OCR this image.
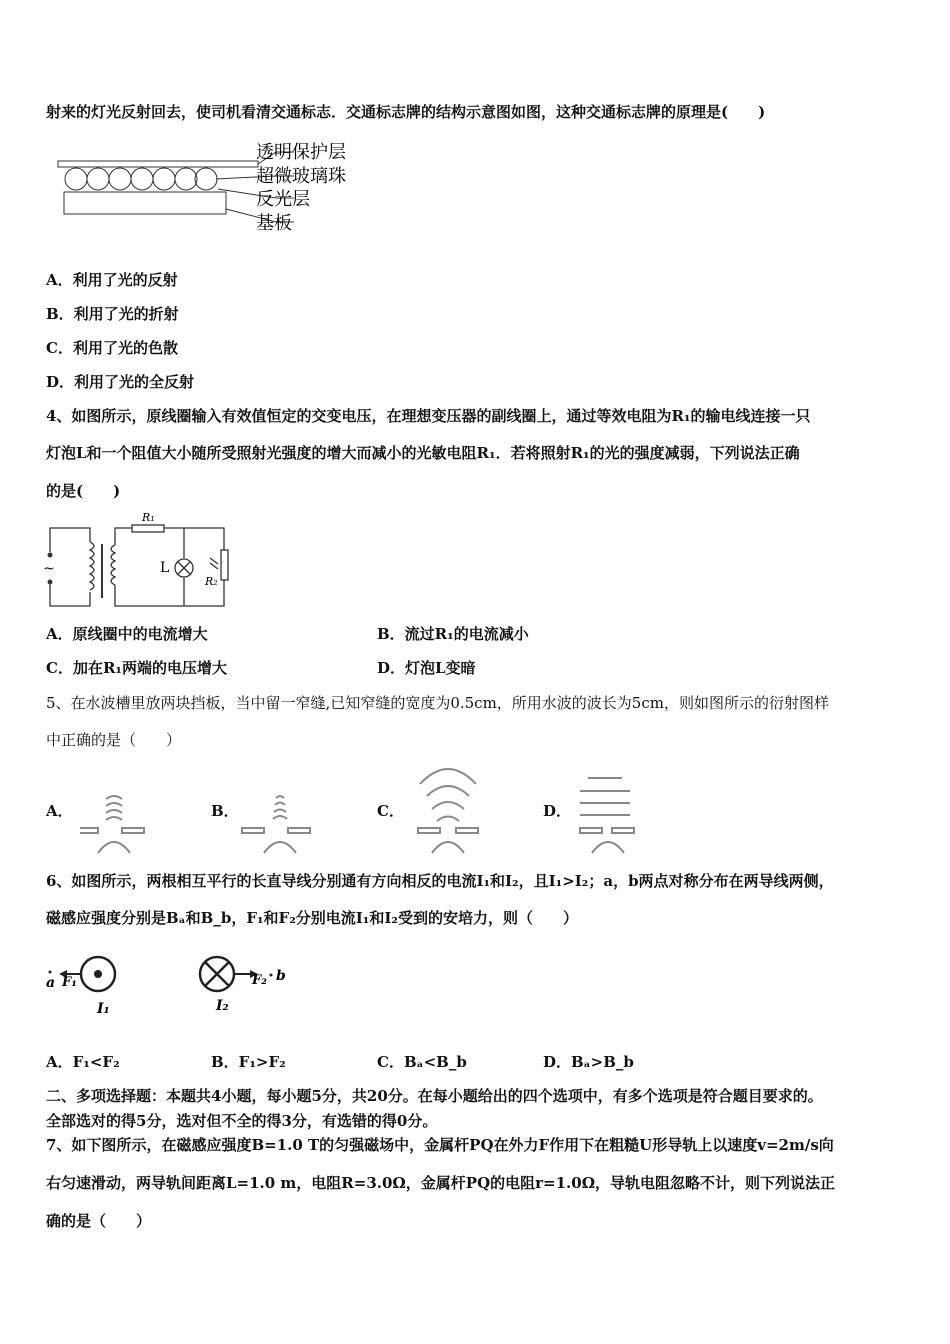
射来的灯光反射回去，使司机看清交通标志．交通标志牌的结构示意图如图，这种交通标志牌的原理是(　　)
透明保护层
超微玻璃珠
反光层
基板
A．利用了光的反射
B．利用了光的折射
C．利用了光的色散
D．利用了光的全反射
4、如图所示，原线圈输入有效值恒定的交变电压，在理想变压器的副线圈上，通过等效电阻为R₁的输电线连接一只
灯泡L和一个阻值大小随所受照射光强度的增大而减小的光敏电阻R₁．若将照射R₁的光的强度减弱，下列说法正确
的是(　　)
~
R₁
L
R₂
A．原线圈中的电流增大	B．流过R₁的电流减小
C．加在R₁两端的电压增大	D．灯泡L变暗
5、在水波槽里放两块挡板，当中留一窄缝,已知窄缝的宽度为0.5cm，所用水波的波长为5cm，则如图所示的衍射图样
中正确的是（　　）
A．	B．	C．	D．
6、如图所示，两根相互平行的长直导线分别通有方向相反的电流I₁和I₂，且I₁>I₂；a，b两点对称分布在两导线两侧，
磁感应强度分别是Bₐ和B_b，F₁和F₂分别电流I₁和I₂受到的安培力，则（　　）
a F₁
I₁
F₂ b
I₂
A．F₁<F₂	B．F₁>F₂	C．Bₐ<B_b	D．Bₐ>B_b
二、多项选择题：本题共4小题，每小题5分，共20分。在每小题给出的四个选项中，有多个选项是符合题目要求的。
全部选对的得5分，选对但不全的得3分，有选错的得0分。
7、如下图所示，在磁感应强度B=1.0 T的匀强磁场中，金属杆PQ在外力F作用下在粗糙U形导轨上以速度v=2m/s向
右匀速滑动，两导轨间距离L=1.0 m，电阻R=3.0Ω，金属杆PQ的电阻r=1.0Ω，导轨电阻忽略不计，则下列说法正
确的是（　　）
